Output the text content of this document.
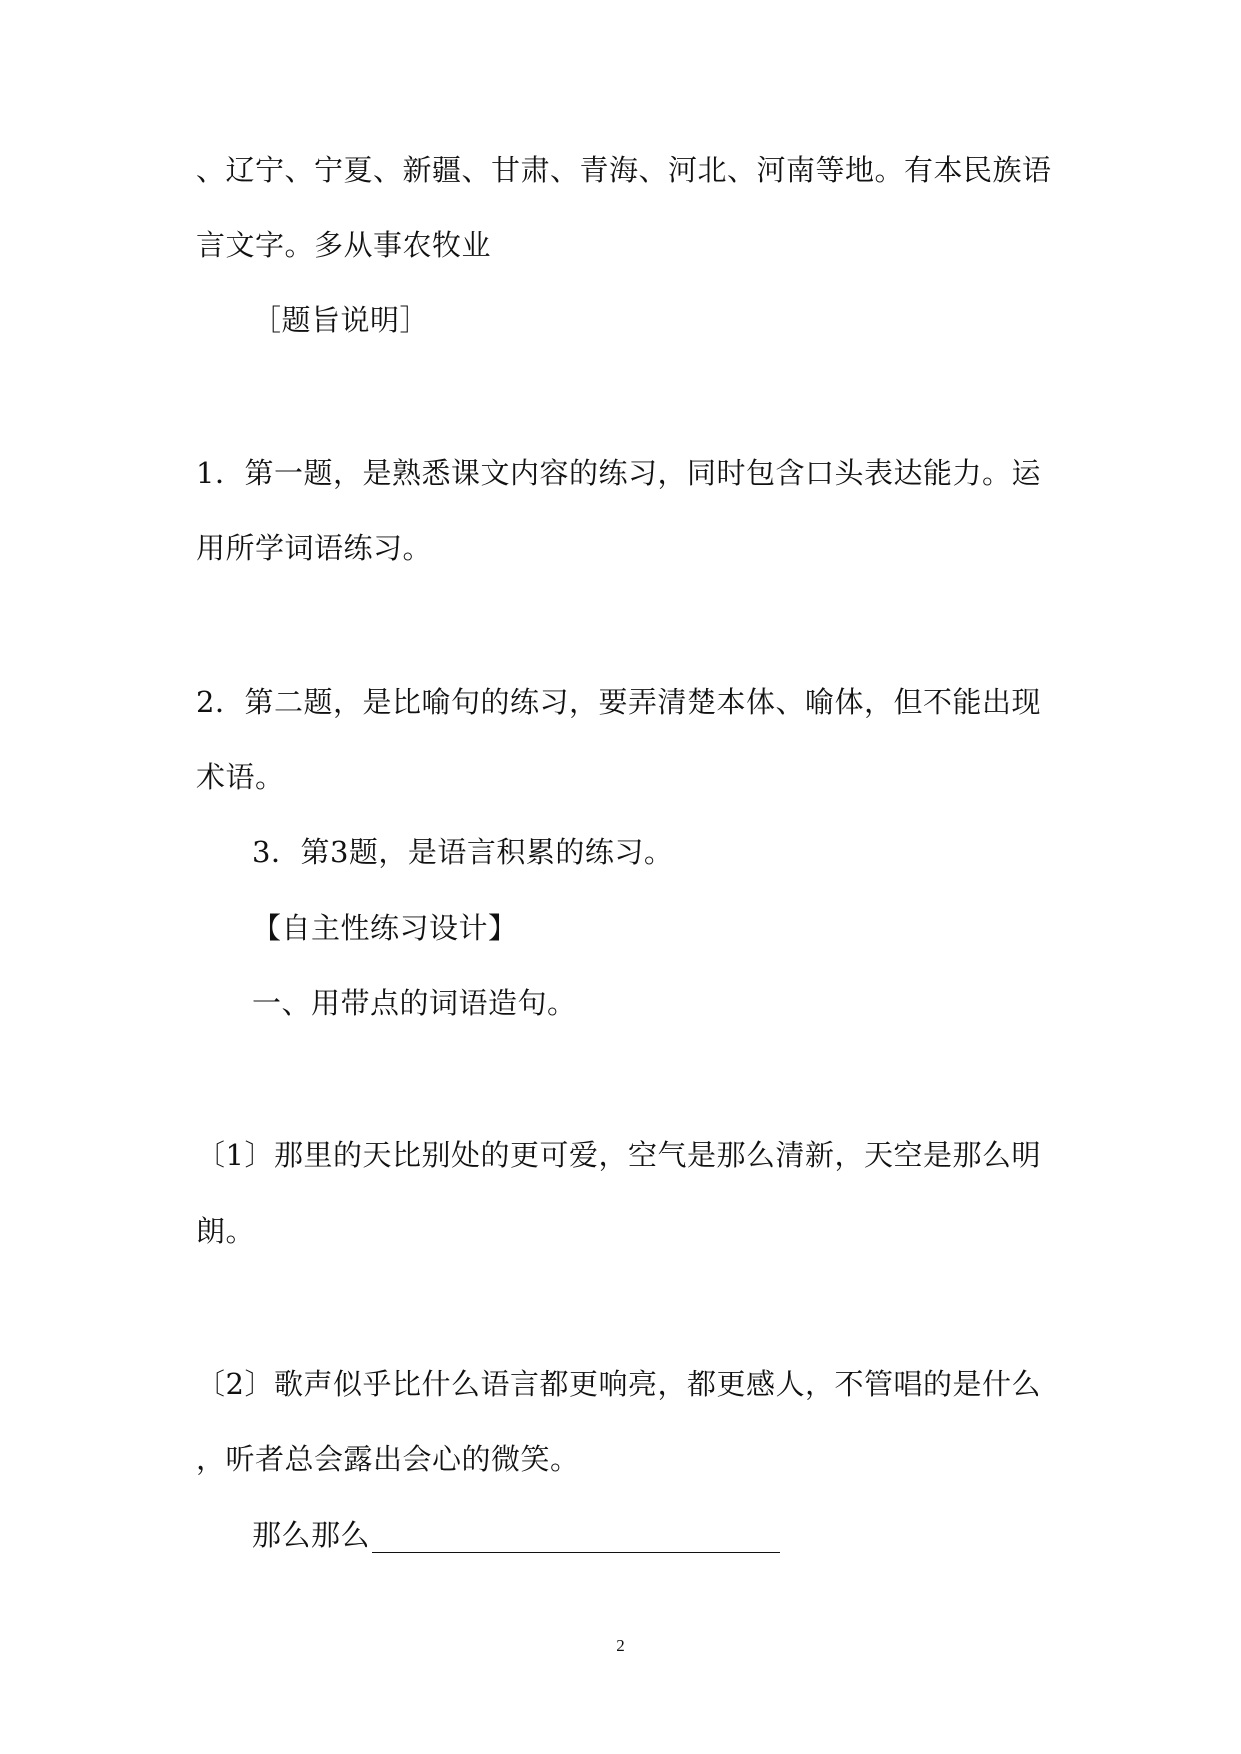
、辽宁、宁夏、新疆、甘肃、青海、河北、河南等地。有本民族语
言文字。多从事农牧业
［题旨说明］
1．第一题，是熟悉课文内容的练习，同时包含口头表达能力。运
用所学词语练习。
2．第二题，是比喻句的练习，要弄清楚本体、喻体，但不能出现
术语。
3．第3题，是语言积累的练习。
【自主性练习设计】
一、用带点的词语造句。
〔1〕那里的天比别处的更可爱，空气是那么清新，天空是那么明
朗。
〔2〕歌声似乎比什么语言都更响亮，都更感人，不管唱的是什么
，听者总会露出会心的微笑。
那么那么
2
